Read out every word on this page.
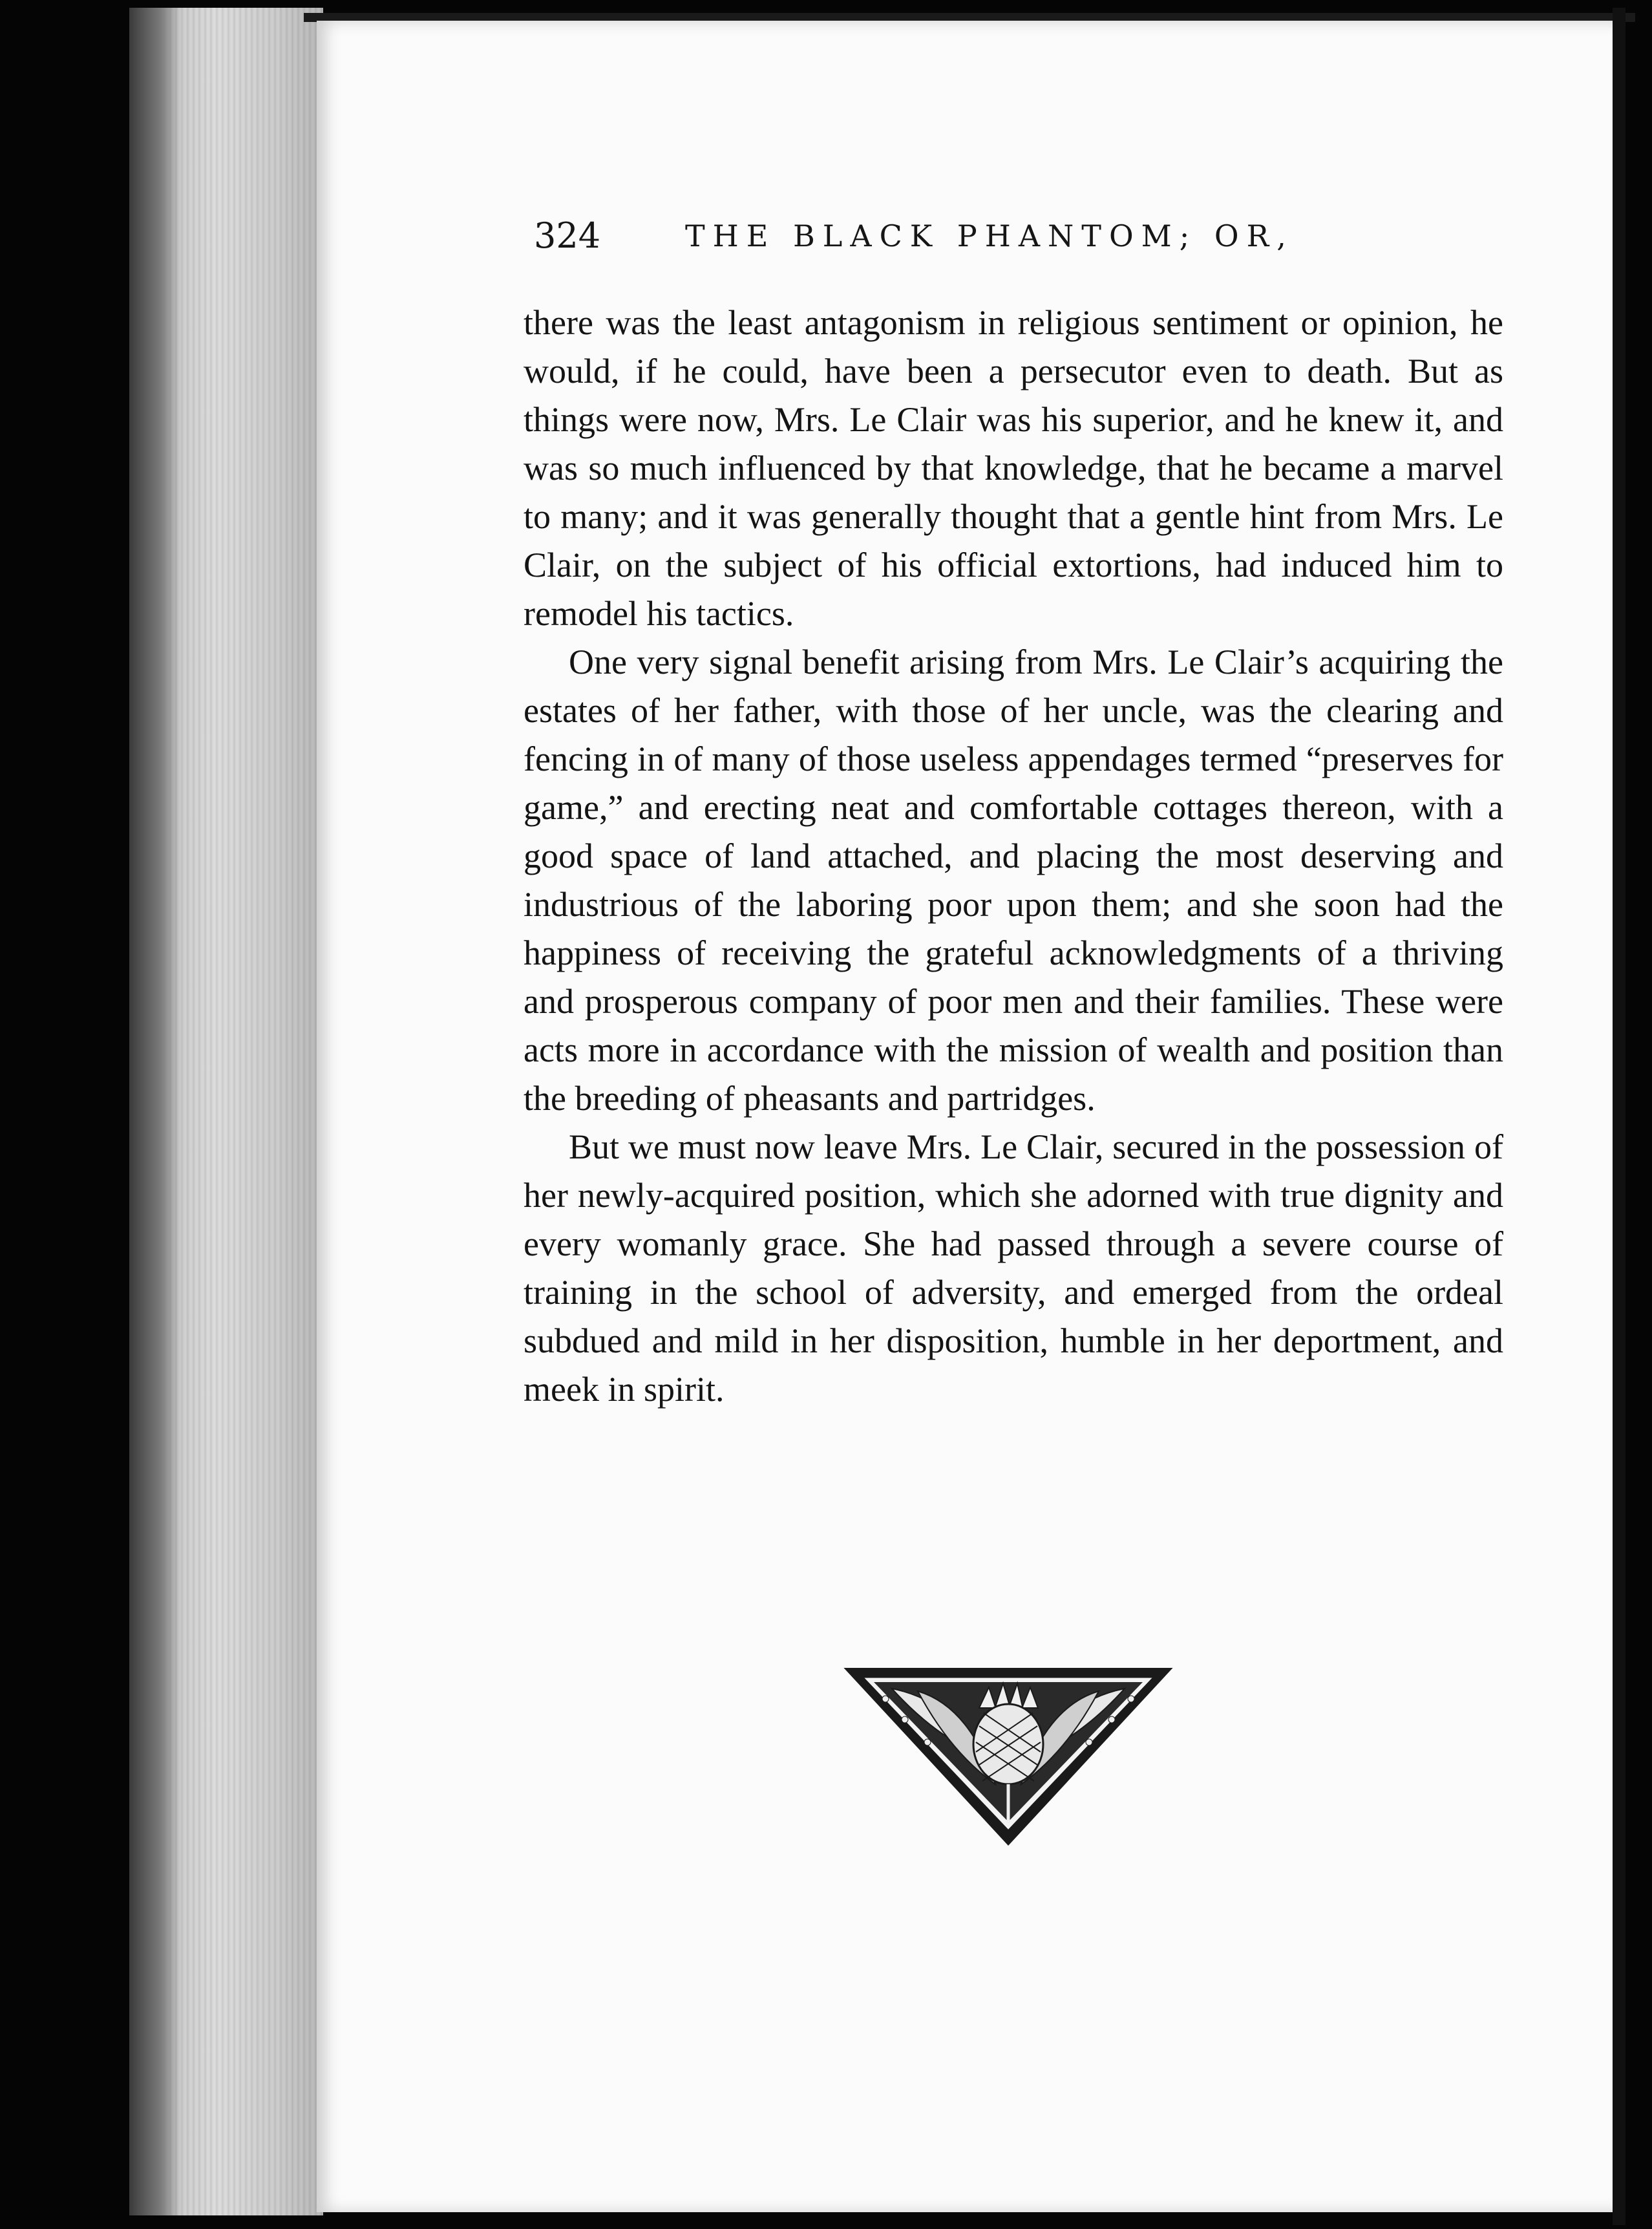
324	THE BLACK PHANTOM; OR,

there was the least antagonism in religious sentiment or opinion, he would, if he could, have been a persecutor even to death. But as things were now, Mrs. Le Clair was his superior, and he knew it, and was so much influenced by that knowledge, that he became a marvel to many; and it was generally thought that a gentle hint from Mrs. Le Clair, on the subject of his official extortions, had induced him to remodel his tactics.

One very signal benefit arising from Mrs. Le Clair’s acquiring the estates of her father, with those of her uncle, was the clearing and fencing in of many of those useless appendages termed “preserves for game,” and erecting neat and comfortable cottages thereon, with a good space of land attached, and placing the most deserving and industrious of the laboring poor upon them; and she soon had the happiness of receiving the grateful acknowledgments of a thriving and prosperous company of poor men and their families. These were acts more in accordance with the mission of wealth and position than the breeding of pheasants and partridges.

But we must now leave Mrs. Le Clair, secured in the possession of her newly-acquired position, which she adorned with true dignity and every womanly grace. She had passed through a severe course of training in the school of adversity, and emerged from the ordeal subdued and mild in her disposition, humble in her deportment, and meek in spirit.
